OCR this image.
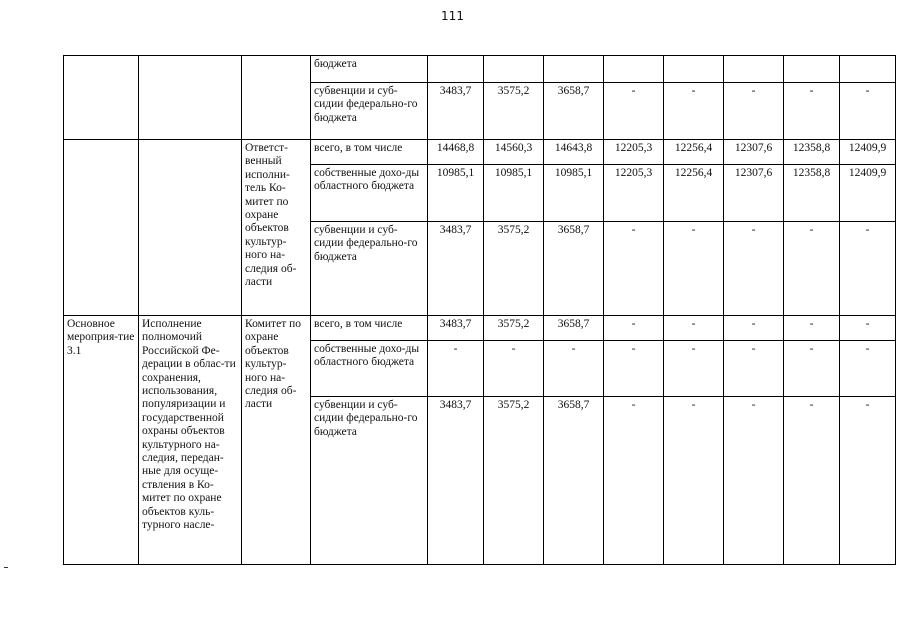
111
			бюджета								
			субвенции и суб-сидии федерально-го бюджета	3483,7	3575,2	3658,7	-	-	-	-	-
		Ответст-венный исполни-тель Ко-митет по охране объектов культур-ного на-следия об-ласти	всего, в том числе	14468,8	14560,3	14643,8	12205,3	12256,4	12307,6	12358,8	12409,9
			собственные дохо-ды областного бюджета	10985,1	10985,1	10985,1	12205,3	12256,4	12307,6	12358,8	12409,9
			субвенции и суб-сидии федерально-го бюджета	3483,7	3575,2	3658,7	-	-	-	-	-
Основное мероприя-тие 3.1	Исполнение полномочий Российской Фе-дерации в облас-ти сохранения, использования, популяризации и государственной охраны объектов культурного на-следия, передан-ные для осуще-ствления в Ко-митет по охране объектов куль-турного насле-	Комитет по охране объектов культур-ного на-следия об-ласти	всего, в том числе	3483,7	3575,2	3658,7	-	-	-	-	-
			собственные дохо-ды областного бюджета	-	-	-	-	-	-	-	-
			субвенции и суб-сидии федерально-го бюджета	3483,7	3575,2	3658,7	-	-	-	-	-
